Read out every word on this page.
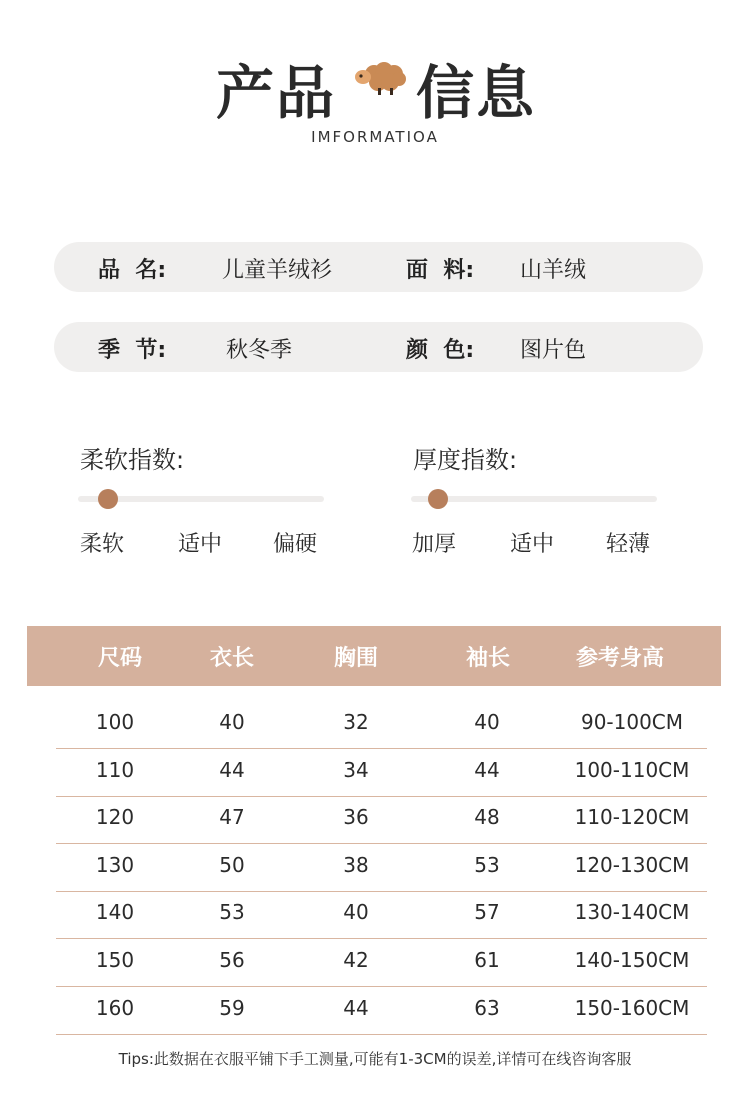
产品 信息
IMFORMATIOA
品  名:	儿童羊绒衫	面  料: 山羊绒
季  节:	秋冬季	颜  色: 图片色
柔软指数:
柔软 适中 偏硬
厚度指数:
加厚 适中 轻薄
尺码	衣长	胸围	袖长	参考身高
100	40	32	40	90-100CM
110	44	34	44	100-110CM
120	47	36	48	110-120CM
130	50	38	53	120-130CM
140	53	40	57	130-140CM
150	56	42	61	140-150CM
160	59	44	63	150-160CM
Tips:此数据在衣服平铺下手工测量,可能有1-3CM的误差,详情可在线咨询客服
